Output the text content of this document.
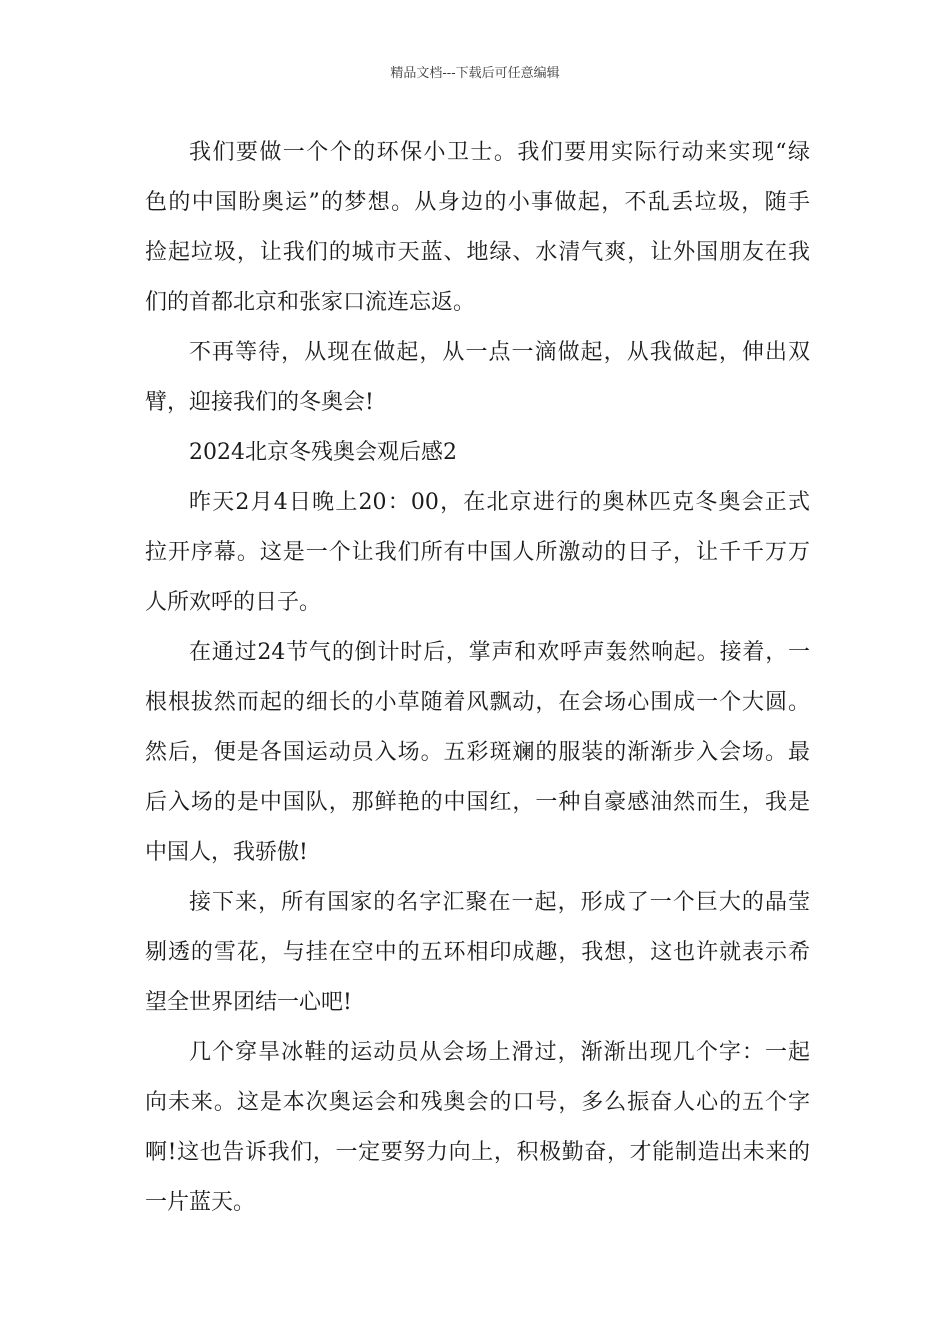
精品文档---下载后可任意编辑
我们要做一个个的环保小卫士。我们要用实际行动来实现“绿
色的中国盼奥运”的梦想。从身边的小事做起，不乱丢垃圾，随手
捡起垃圾，让我们的城市天蓝、地绿、水清气爽，让外国朋友在我
们的首都北京和张家口流连忘返。
不再等待，从现在做起，从一点一滴做起，从我做起，伸出双
臂，迎接我们的冬奥会!
2024北京冬残奥会观后感2
昨天2月4日晚上20：00，在北京进行的奥林匹克冬奥会正式
拉开序幕。这是一个让我们所有中国人所激动的日子，让千千万万
人所欢呼的日子。
在通过24节气的倒计时后，掌声和欢呼声轰然响起。接着，一
根根拔然而起的细长的小草随着风飘动，在会场心围成一个大圆。
然后，便是各国运动员入场。五彩斑斓的服装的渐渐步入会场。最
后入场的是中国队，那鲜艳的中国红，一种自豪感油然而生，我是
中国人，我骄傲!
接下来，所有国家的名字汇聚在一起，形成了一个巨大的晶莹
剔透的雪花，与挂在空中的五环相印成趣，我想，这也许就表示希
望全世界团结一心吧!
几个穿旱冰鞋的运动员从会场上滑过，渐渐出现几个字：一起
向未来。这是本次奥运会和残奥会的口号，多么振奋人心的五个字
啊!这也告诉我们，一定要努力向上，积极勤奋，才能制造出未来的
一片蓝天。
